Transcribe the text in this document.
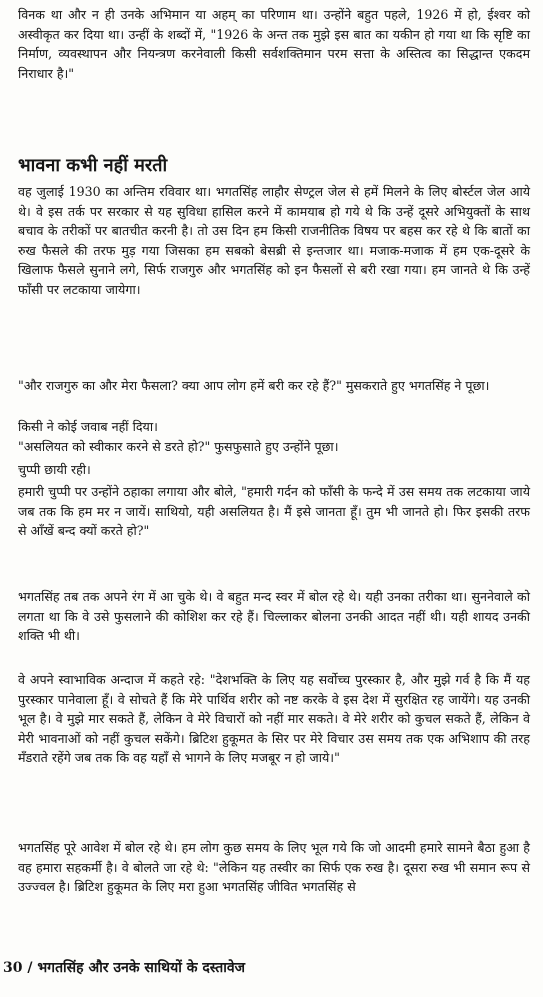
विनक था और न ही उनके अभिमान या अहम् का परिणाम था। उन्होंने बहुत पहले, 1926 में हो, ईश्वर को अस्वीकृत कर दिया था। उन्हीं के शब्दों में, "1926 के अन्त तक मुझे इस बात का यकीन हो गया था कि सृष्टि का निर्माण, व्यवस्थापन और नियन्त्रण करनेवाली किसी सर्वशक्तिमान परम सत्ता के अस्तित्व का सिद्धान्त एकदम निराधार है।"

भावना कभी नहीं मरती

वह जुलाई 1930 का अन्तिम रविवार था। भगतसिंह लाहौर सेण्ट्रल जेल से हमें मिलने के लिए बोर्स्टल जेल आये थे। वे इस तर्क पर सरकार से यह सुविधा हासिल करने में कामयाब हो गये थे कि उन्हें दूसरे अभियुक्तों के साथ बचाव के तरीकों पर बातचीत करनी है। तो उस दिन हम किसी राजनीतिक विषय पर बहस कर रहे थे कि बातों का रुख फैसले की तरफ मुड़ गया जिसका हम सबको बेसब्री से इन्तजार था। मजाक-मजाक में हम एक-दूसरे के खिलाफ फैसले सुनाने लगे, सिर्फ राजगुरु और भगतसिंह को इन फैसलों से बरी रखा गया। हम जानते थे कि उन्हें फाँसी पर लटकाया जायेगा।

"और राजगुरु का और मेरा फैसला? क्या आप लोग हमें बरी कर रहे हैं?" मुसकराते हुए भगतसिंह ने पूछा।

किसी ने कोई जवाब नहीं दिया।

"असलियत को स्वीकार करने से डरते हो?" फुसफुसाते हुए उन्होंने पूछा।

चुप्पी छायी रही।

हमारी चुप्पी पर उन्होंने ठहाका लगाया और बोले, "हमारी गर्दन को फाँसी के फन्दे में उस समय तक लटकाया जाये जब तक कि हम मर न जायें। साथियो, यही असलियत है। मैं इसे जानता हूँ। तुम भी जानते हो। फिर इसकी तरफ से आँखें बन्द क्यों करते हो?"

भगतसिंह तब तक अपने रंग में आ चुके थे। वे बहुत मन्द स्वर में बोल रहे थे। यही उनका तरीका था। सुननेवाले को लगता था कि वे उसे फुसलाने की कोशिश कर रहे हैं। चिल्लाकर बोलना उनकी आदत नहीं थी। यही शायद उनकी शक्ति भी थी।

वे अपने स्वाभाविक अन्दाज में कहते रहे: "देशभक्ति के लिए यह सर्वोच्च पुरस्कार है, और मुझे गर्व है कि मैं यह पुरस्कार पानेवाला हूँ। वे सोचते हैं कि मेरे पार्थिव शरीर को नष्ट करके वे इस देश में सुरक्षित रह जायेंगे। यह उनकी भूल है। वे मुझे मार सकते हैं, लेकिन वे मेरे विचारों को नहीं मार सकते। वे मेरे शरीर को कुचल सकते हैं, लेकिन वे मेरी भावनाओं को नहीं कुचल सकेंगे। ब्रिटिश हुकूमत के सिर पर मेरे विचार उस समय तक एक अभिशाप की तरह मँडराते रहेंगे जब तक कि वह यहाँ से भागने के लिए मजबूर न हो जाये।"

भगतसिंह पूरे आवेश में बोल रहे थे। हम लोग कुछ समय के लिए भूल गये कि जो आदमी हमारे सामने बैठा हुआ है वह हमारा सहकर्मी है। वे बोलते जा रहे थे: "लेकिन यह तस्वीर का सिर्फ एक रुख है। दूसरा रुख भी समान रूप से उज्ज्वल है। ब्रिटिश हुकूमत के लिए मरा हुआ भगतसिंह जीवित भगतसिंह से

30 / भगतसिंह और उनके साथियों के दस्तावेज
